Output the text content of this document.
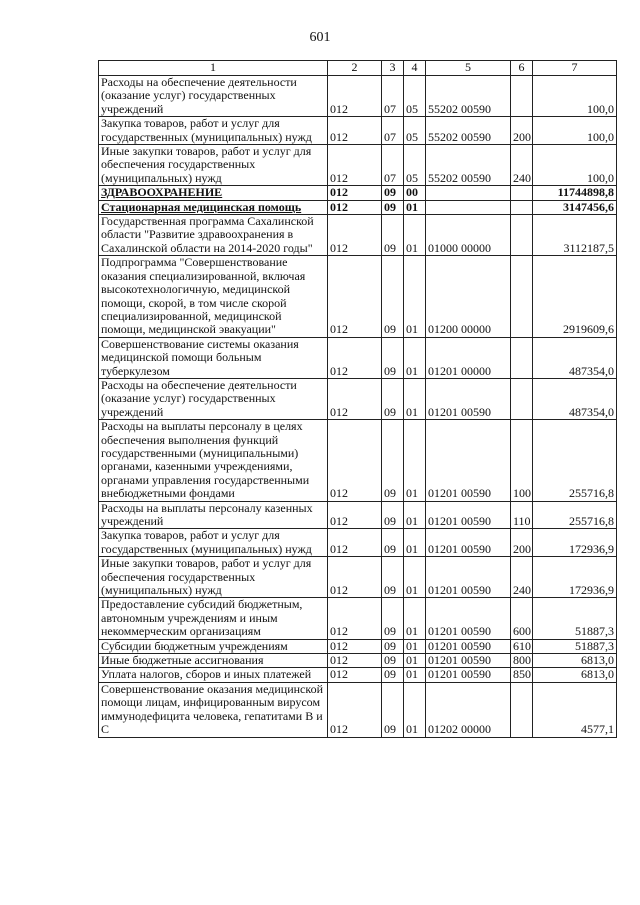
601
1	2	3	4	5	6	7
Расходы на обеспечение деятельности (оказание услуг) государственных учреждений	012	07	05	55202 00590		100,0
Закупка товаров, работ и услуг для государственных (муниципальных) нужд	012	07	05	55202 00590	200	100,0
Иные закупки товаров, работ и услуг для обеспечения государственных (муниципальных) нужд	012	07	05	55202 00590	240	100,0
ЗДРАВООХРАНЕНИЕ	012	09	00			11744898,8
Стационарная медицинская помощь	012	09	01			3147456,6
Государственная программа Сахалинской области "Развитие здравоохранения в Сахалинской области на 2014-2020 годы"	012	09	01	01000 00000		3112187,5
Подпрограмма "Совершенствование оказания специализированной, включая высокотехнологичную, медицинской помощи, скорой, в том числе скорой специализированной, медицинской помощи, медицинской эвакуации"	012	09	01	01200 00000		2919609,6
Совершенствование системы оказания медицинской помощи больным туберкулезом	012	09	01	01201 00000		487354,0
Расходы на обеспечение деятельности (оказание услуг) государственных учреждений	012	09	01	01201 00590		487354,0
Расходы на выплаты персоналу в целях обеспечения выполнения функций государственными (муниципальными) органами, казенными учреждениями, органами управления государственными внебюджетными фондами	012	09	01	01201 00590	100	255716,8
Расходы на выплаты персоналу казенных учреждений	012	09	01	01201 00590	110	255716,8
Закупка товаров, работ и услуг для государственных (муниципальных) нужд	012	09	01	01201 00590	200	172936,9
Иные закупки товаров, работ и услуг для обеспечения государственных (муниципальных) нужд	012	09	01	01201 00590	240	172936,9
Предоставление субсидий бюджетным, автономным учреждениям и иным некоммерческим организациям	012	09	01	01201 00590	600	51887,3
Субсидии бюджетным учреждениям	012	09	01	01201 00590	610	51887,3
Иные бюджетные ассигнования	012	09	01	01201 00590	800	6813,0
Уплата налогов, сборов и иных платежей	012	09	01	01201 00590	850	6813,0
Совершенствование оказания медицинской помощи лицам, инфицированным вирусом иммунодефицита человека, гепатитами В и С	012	09	01	01202 00000		4577,1
